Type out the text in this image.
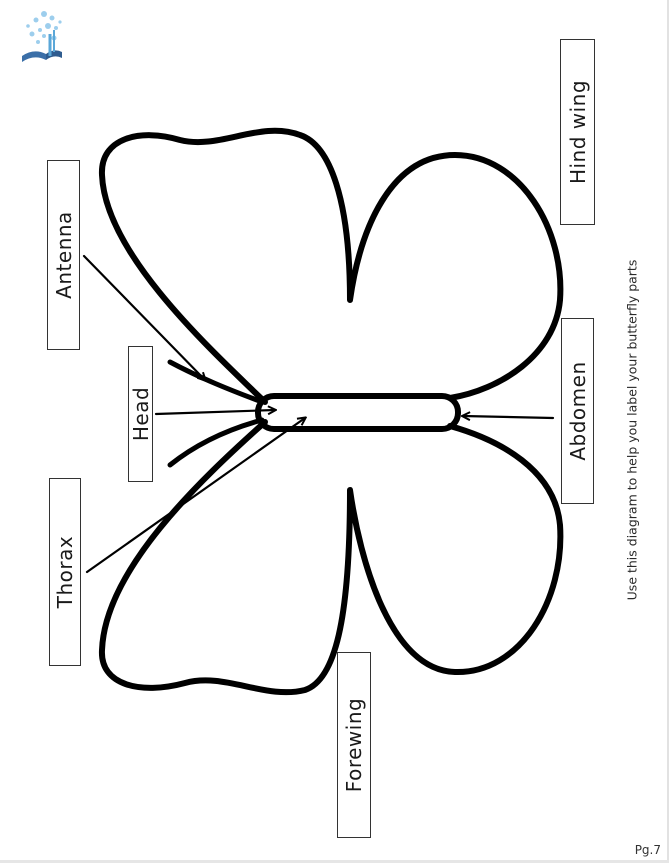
Antenna
Head
Thorax
Forewing
Hind wing
Abdomen	Use this diagram to help you label your butterfly parts
Pg.7
